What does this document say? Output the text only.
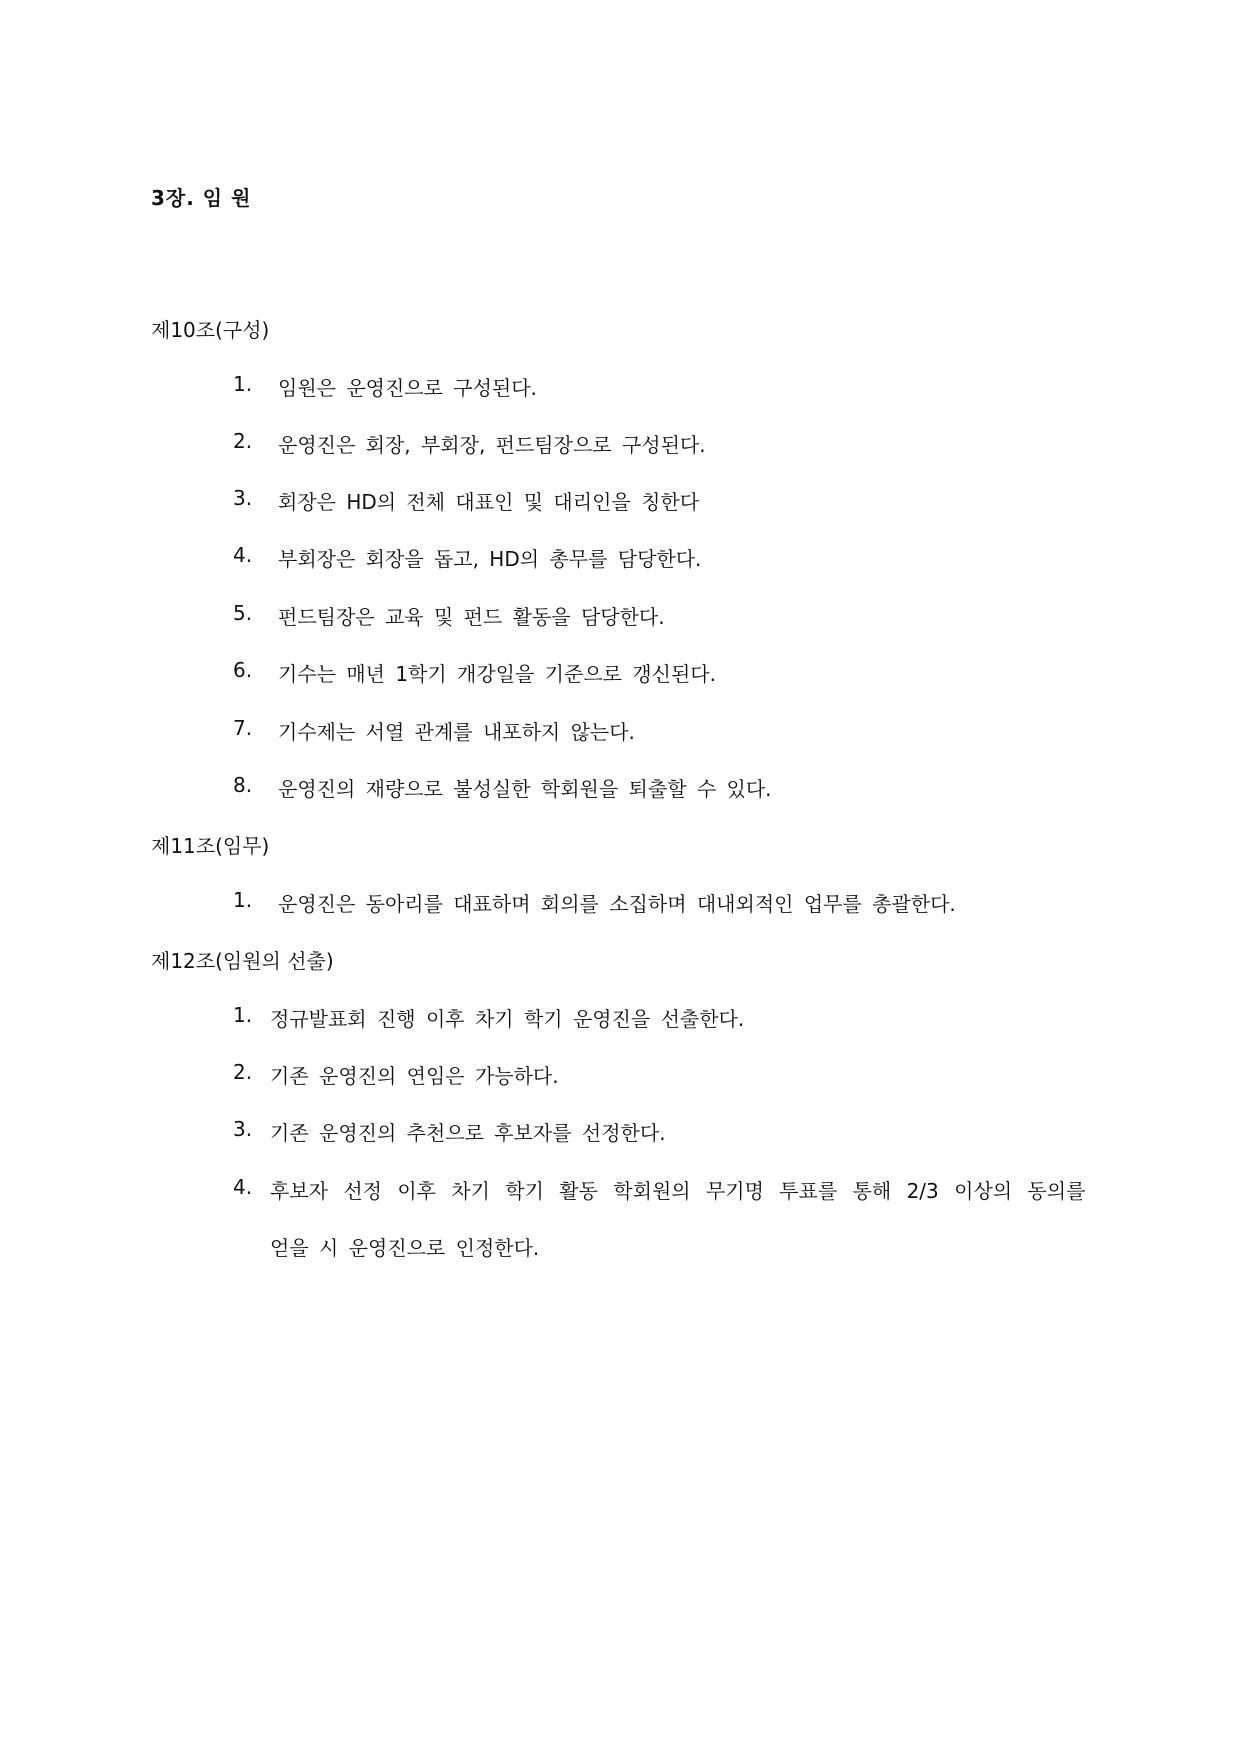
3장. 임 원
제10조(구성)
1. 임원은 운영진으로 구성된다.
2. 운영진은 회장, 부회장, 펀드팀장으로 구성된다.
3. 회장은 HD의 전체 대표인 및 대리인을 칭한다
4. 부회장은 회장을 돕고, HD의 총무를 담당한다.
5. 펀드팀장은 교육 및 펀드 활동을 담당한다.
6. 기수는 매년 1학기 개강일을 기준으로 갱신된다.
7. 기수제는 서열 관계를 내포하지 않는다.
8. 운영진의 재량으로 불성실한 학회원을 퇴출할 수 있다.
제11조(임무)
1. 운영진은 동아리를 대표하며 회의를 소집하며 대내외적인 업무를 총괄한다.
제12조(임원의 선출)
1. 정규발표회 진행 이후 차기 학기 운영진을 선출한다.
2. 기존 운영진의 연임은 가능하다.
3. 기존 운영진의 추천으로 후보자를 선정한다.
4. 후보자 선정 이후 차기 학기 활동 학회원의 무기명 투표를 통해 2/3 이상의 동의를
얻을 시 운영진으로 인정한다.
